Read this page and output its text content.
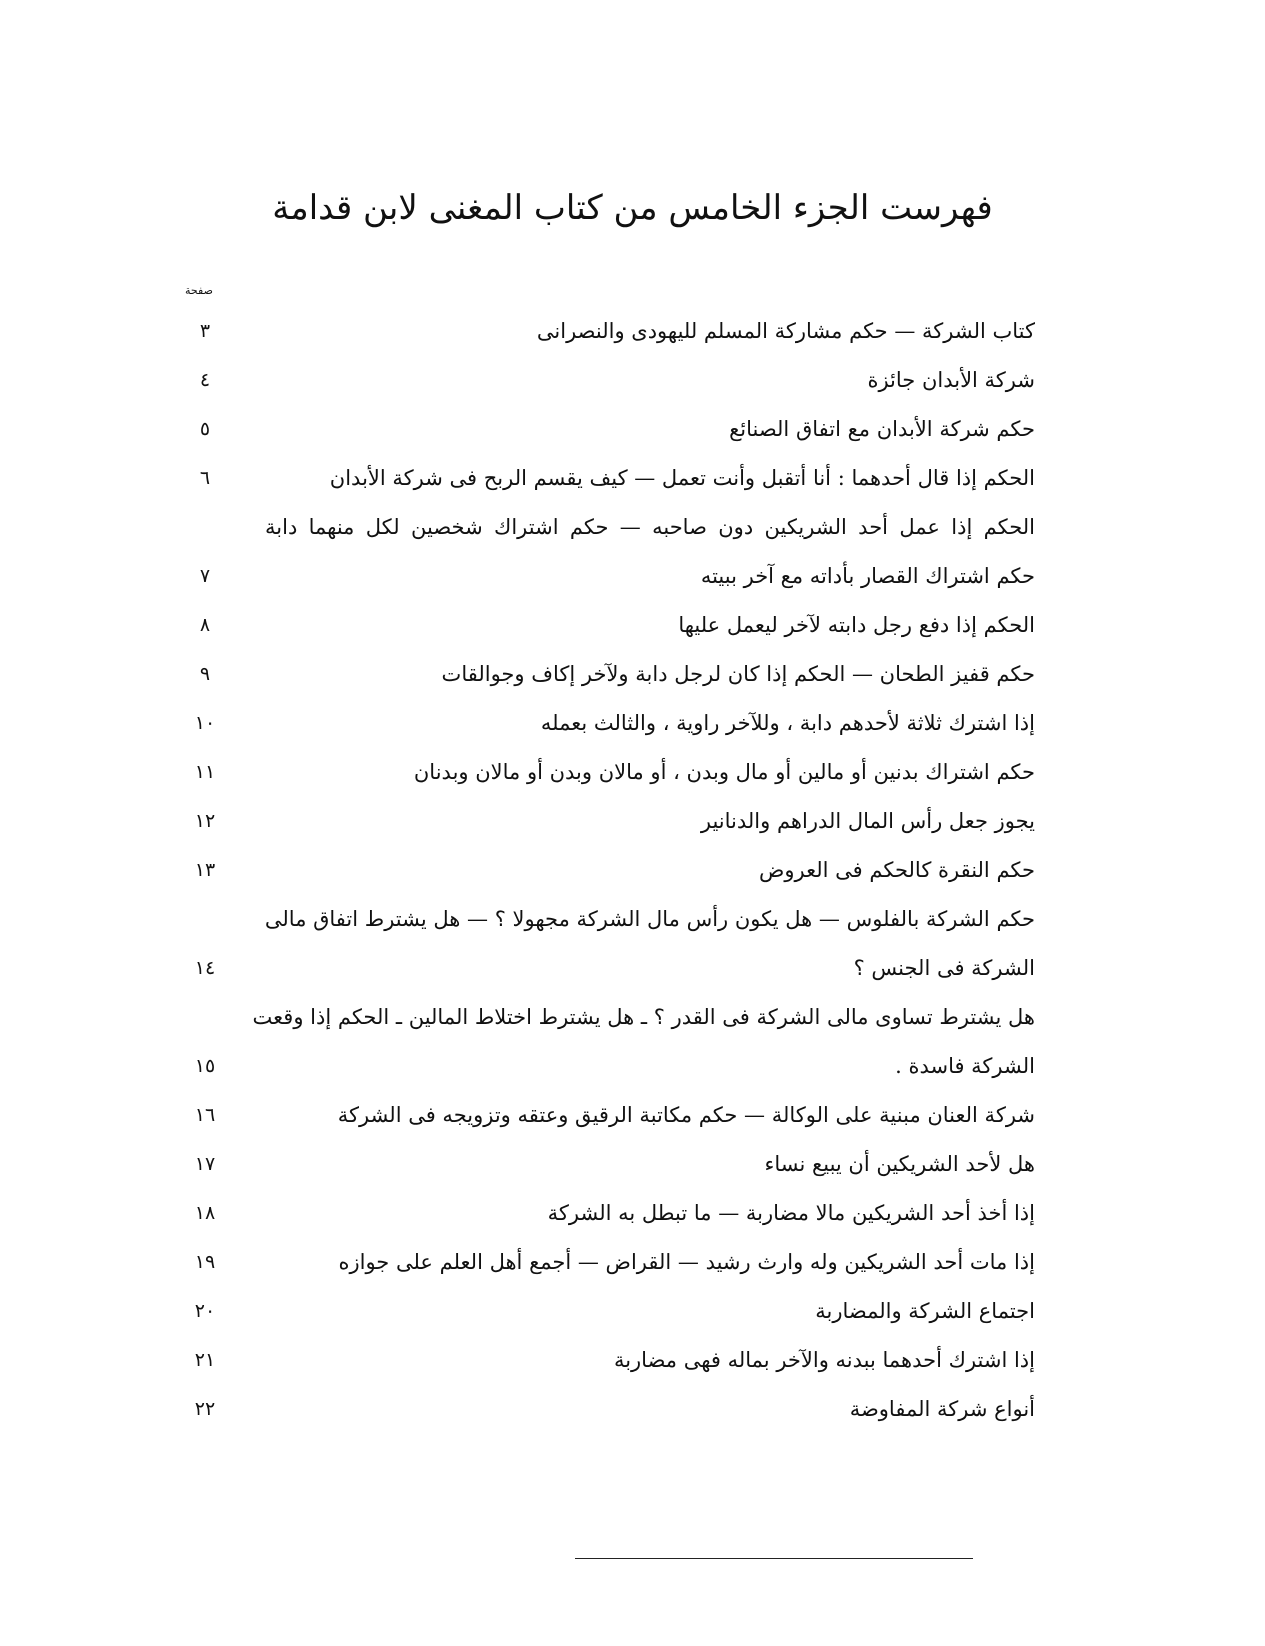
فهرست الجزء الخامس من كتاب المغنى لابن قدامة
صفحة
كتاب الشركة — حكم مشاركة المسلم لليهودى والنصرانى
٣
شركة الأبدان جائزة
٤
حكم شركة الأبدان مع اتفاق الصنائع
٥
الحكم إذا قال أحدهما : أنا أتقبل وأنت تعمل — كيف يقسم الربح فى شركة الأبدان
٦
الحكم إذا عمل أحد الشريكين دون صاحبه — حكم اشتراك شخصين لكل منهما دابة
حكم اشتراك القصار بأداته مع آخر ببيته
٧
الحكم إذا دفع رجل دابته لآخر ليعمل عليها
٨
حكم قفيز الطحان — الحكم إذا كان لرجل دابة ولآخر إكاف وجوالقات
٩
إذا اشترك ثلاثة لأحدهم دابة ، وللآخر راوية ، والثالث بعمله
١٠
حكم اشتراك بدنين أو مالين أو مال وبدن ، أو مالان وبدن أو مالان وبدنان
١١
يجوز جعل رأس المال الدراهم والدنانير
١٢
حكم النقرة كالحكم فى العروض
١٣
حكم الشركة بالفلوس — هل يكون رأس مال الشركة مجهولا ؟ — هل يشترط اتفاق مالى
الشركة فى الجنس ؟
١٤
هل يشترط تساوى مالى الشركة فى القدر ؟ ـ هل يشترط اختلاط المالين ـ الحكم إذا وقعت
الشركة فاسدة .
١٥
شركة العنان مبنية على الوكالة — حكم مكاتبة الرقيق وعتقه وتزويجه فى الشركة
١٦
هل لأحد الشريكين أن يبيع نساء
١٧
إذا أخذ أحد الشريكين مالا مضاربة — ما تبطل به الشركة
١٨
إذا مات أحد الشريكين وله وارث رشيد — القراض — أجمع أهل العلم على جوازه
١٩
اجتماع الشركة والمضاربة
٢٠
إذا اشترك أحدهما ببدنه والآخر بماله فهى مضاربة
٢١
أنواع شركة المفاوضة
٢٢
